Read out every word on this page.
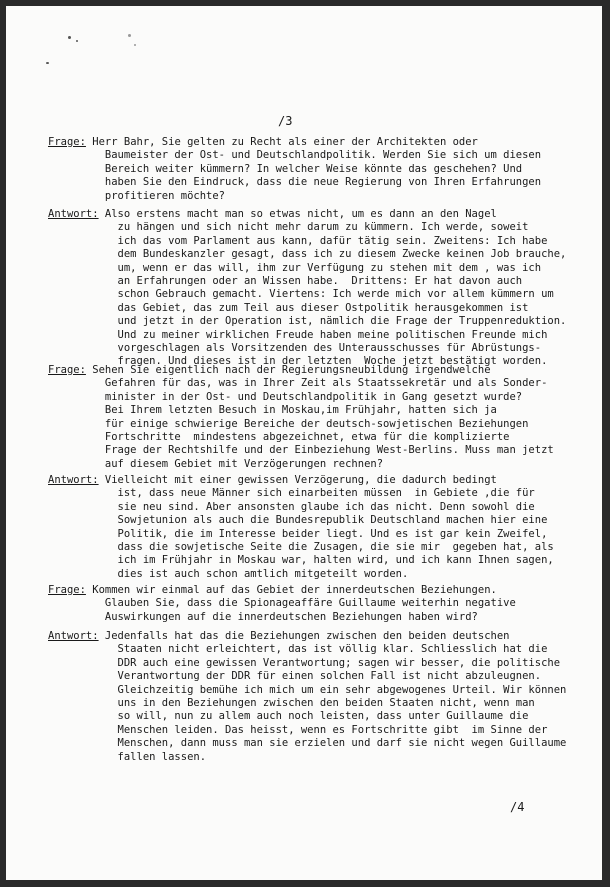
/3

Frage: Herr Bahr, Sie gelten zu Recht als einer der Architekten oder

Baumeister der Ost- und Deutschlandpolitik. Werden Sie sich um diesen

Bereich weiter kümmern? In welcher Weise könnte das geschehen? Und

haben Sie den Eindruck, dass die neue Regierung von Ihren Erfahrungen

profitieren möchte?

Antwort: Also erstens macht man so etwas nicht, um es dann an den Nagel

zu hängen und sich nicht mehr darum zu kümmern. Ich werde, soweit

ich das vom Parlament aus kann, dafür tätig sein. Zweitens: Ich habe

dem Bundeskanzler gesagt, dass ich zu diesem Zwecke keinen Job brauche,

um, wenn er das will, ihm zur Verfügung zu stehen mit dem , was ich

an Erfahrungen oder an Wissen habe.  Drittens: Er hat davon auch

schon Gebrauch gemacht. Viertens: Ich werde mich vor allem kümmern um

das Gebiet, das zum Teil aus dieser Ostpolitik herausgekommen ist

und jetzt in der Operation ist, nämlich die Frage der Truppenreduktion.

Und zu meiner wirklichen Freude haben meine politischen Freunde mich

vorgeschlagen als Vorsitzenden des Unterausschusses für Abrüstungs-

fragen. Und dieses ist in der letzten  Woche jetzt bestätigt worden.

Frage: Sehen Sie eigentlich nach der Regierungsneubildung irgendwelche

Gefahren für das, was in Ihrer Zeit als Staatssekretär und als Sonder-

minister in der Ost- und Deutschlandpolitik in Gang gesetzt wurde?

Bei Ihrem letzten Besuch in Moskau,im Frühjahr, hatten sich ja

für einige schwierige Bereiche der deutsch-sowjetischen Beziehungen

Fortschritte  mindestens abgezeichnet, etwa für die komplizierte

Frage der Rechtshilfe und der Einbeziehung West-Berlins. Muss man jetzt

auf diesem Gebiet mit Verzögerungen rechnen?

Antwort: Vielleicht mit einer gewissen Verzögerung, die dadurch bedingt

ist, dass neue Männer sich einarbeiten müssen  in Gebiete ,die für

sie neu sind. Aber ansonsten glaube ich das nicht. Denn sowohl die

Sowjetunion als auch die Bundesrepublik Deutschland machen hier eine

Politik, die im Interesse beider liegt. Und es ist gar kein Zweifel,

dass die sowjetische Seite die Zusagen, die sie mir  gegeben hat, als

ich im Frühjahr in Moskau war, halten wird, und ich kann Ihnen sagen,

dies ist auch schon amtlich mitgeteilt worden.

Frage: Kommen wir einmal auf das Gebiet der innerdeutschen Beziehungen.

Glauben Sie, dass die Spionageaffäre Guillaume weiterhin negative

Auswirkungen auf die innerdeutschen Beziehungen haben wird?

Antwort: Jedenfalls hat das die Beziehungen zwischen den beiden deutschen

Staaten nicht erleichtert, das ist völlig klar. Schliesslich hat die

DDR auch eine gewissen Verantwortung; sagen wir besser, die politische

Verantwortung der DDR für einen solchen Fall ist nicht abzuleugnen.

Gleichzeitig bemühe ich mich um ein sehr abgewogenes Urteil. Wir können

uns in den Beziehungen zwischen den beiden Staaten nicht, wenn man

so will, nun zu allem auch noch leisten, dass unter Guillaume die

Menschen leiden. Das heisst, wenn es Fortschritte gibt  im Sinne der

Menschen, dann muss man sie erzielen und darf sie nicht wegen Guillaume

fallen lassen.

/4
